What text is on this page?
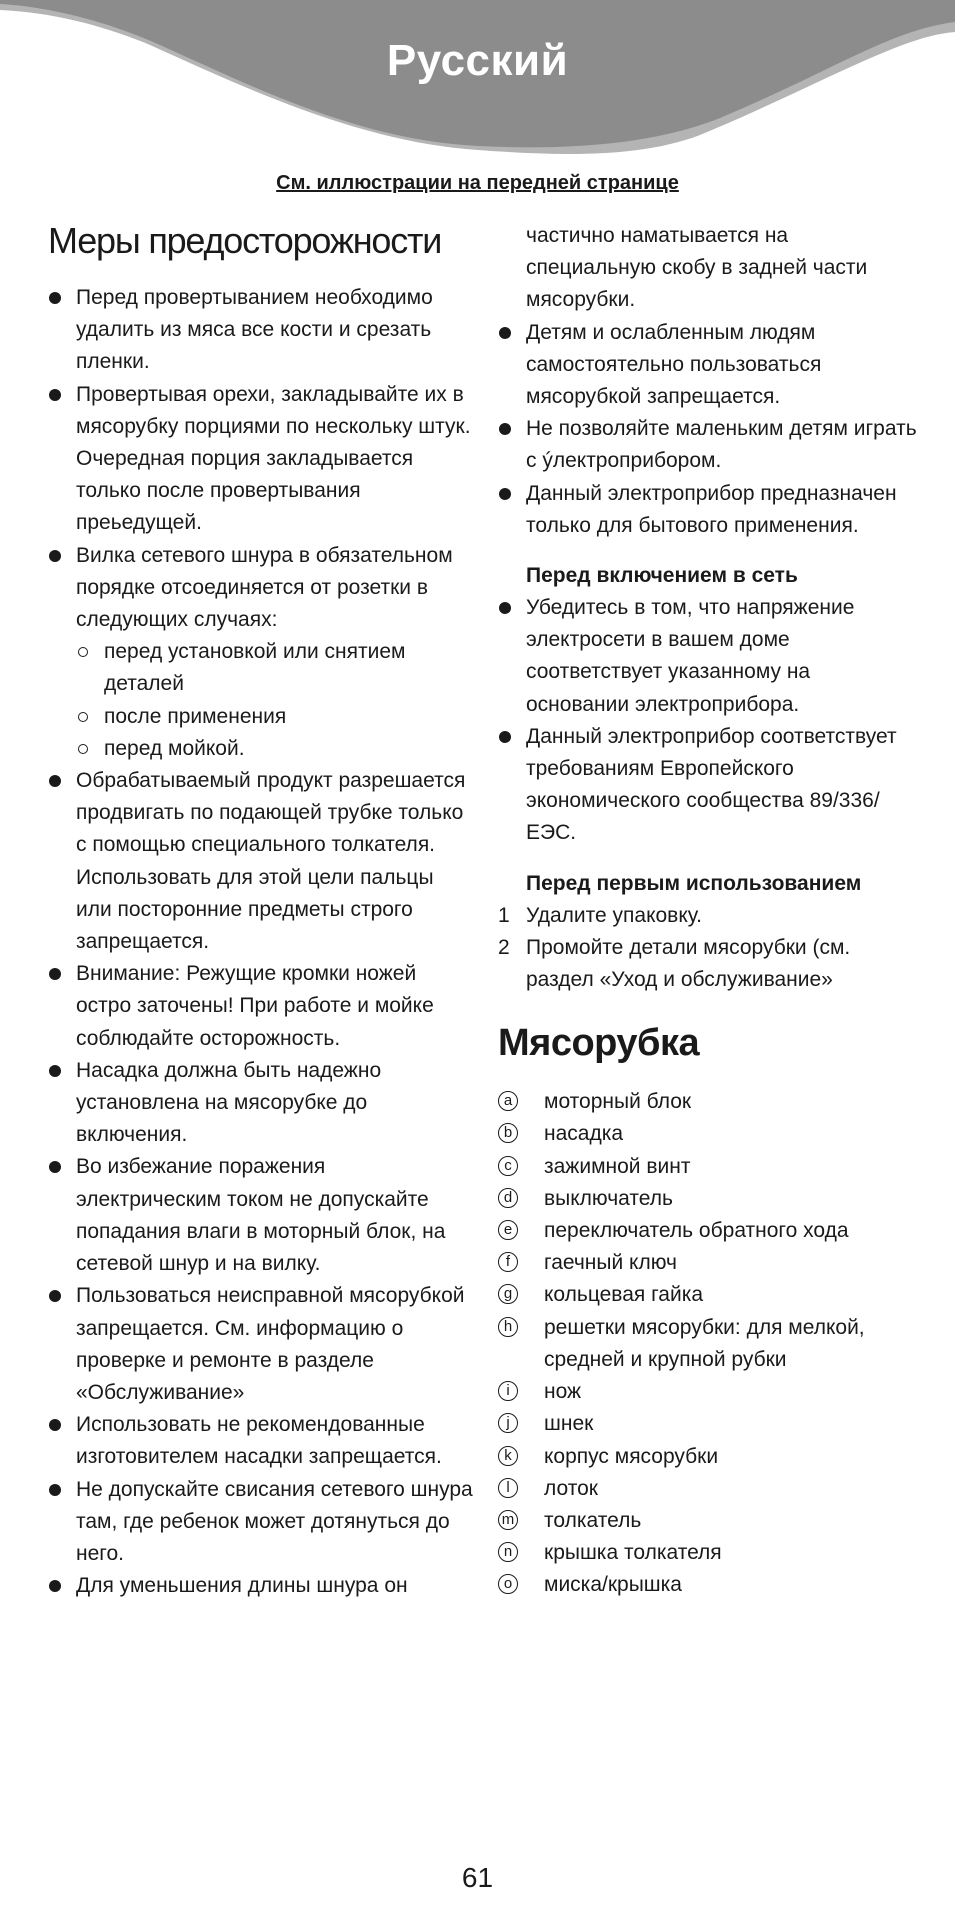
Русский
См. иллюстрации на передней странице
Меры предосторожности
Перед провертыванием необходимо удалить из мяса все кости и срезать пленки.
Провертывая орехи, закладывайте их в мясорубку порциями по нескольку штук. Очередная порция закладывается только после провертывания преьедущей.
Вилка сетевого шнура в обязательном порядке отсоединяется от розетки в следующих случаях:
перед установкой или снятием деталей
после применения
перед мойкой.
Обрабатываемый продукт разрешается продвигать по подающей трубке только с помощью специального толкателя. Использовать для этой цели пальцы или посторонние предметы строго запрещается.
Внимание: Режущие кромки ножей остро заточены! При работе и мойке соблюдайте осторожность.
Насадка должна быть надежно установлена на мясорубке до включения.
Во избежание поражения электрическим током не допускайте попадания влаги в моторный блок, на сетевой шнур и на вилку.
Пользоваться неисправной мясорубкой запрещается. См. информацию о проверке и ремонте в разделе «Обслуживание»
Использовать не рекомендованные изготовителем насадки запрещается.
Не допускайте свисания сетевого шнура там, где ребенок может дотянуться до него.
Для уменьшения длины шнура он
частично наматывается на специальную скобу в задней части мясорубки.
Детям и ослабленным людям самостоятельно пользоваться мясорубкой запрещается.
Не позволяйте маленьким детям играть с ýлектроприбором.
Данный электроприбор предназначен только для бытового применения.
Перед включением в сеть
Убедитесь в том, что напряжение электросети в вашем доме соответствует указанному на основании электроприбора.
Данный электроприбор соответствует требованиям Европейского экономического сообщества 89/336/ЕЭС.
Перед первым использованием
1 Удалите упаковку.
2 Промойте детали мясорубки (см. раздел «Уход и обслуживание»
Мясорубка
a моторный блок
b насадка
c зажимной винт
d выключатель
e переключатель обратного хода
f	гаечный ключ
g кольцевая гайка
h решетки мясорубки: для мелкой, средней и крупной рубки
i	нож
j	шнек
k корпус мясорубки
l	лоток
m толкатель
n крышка толкателя
o миска/крышка
61
